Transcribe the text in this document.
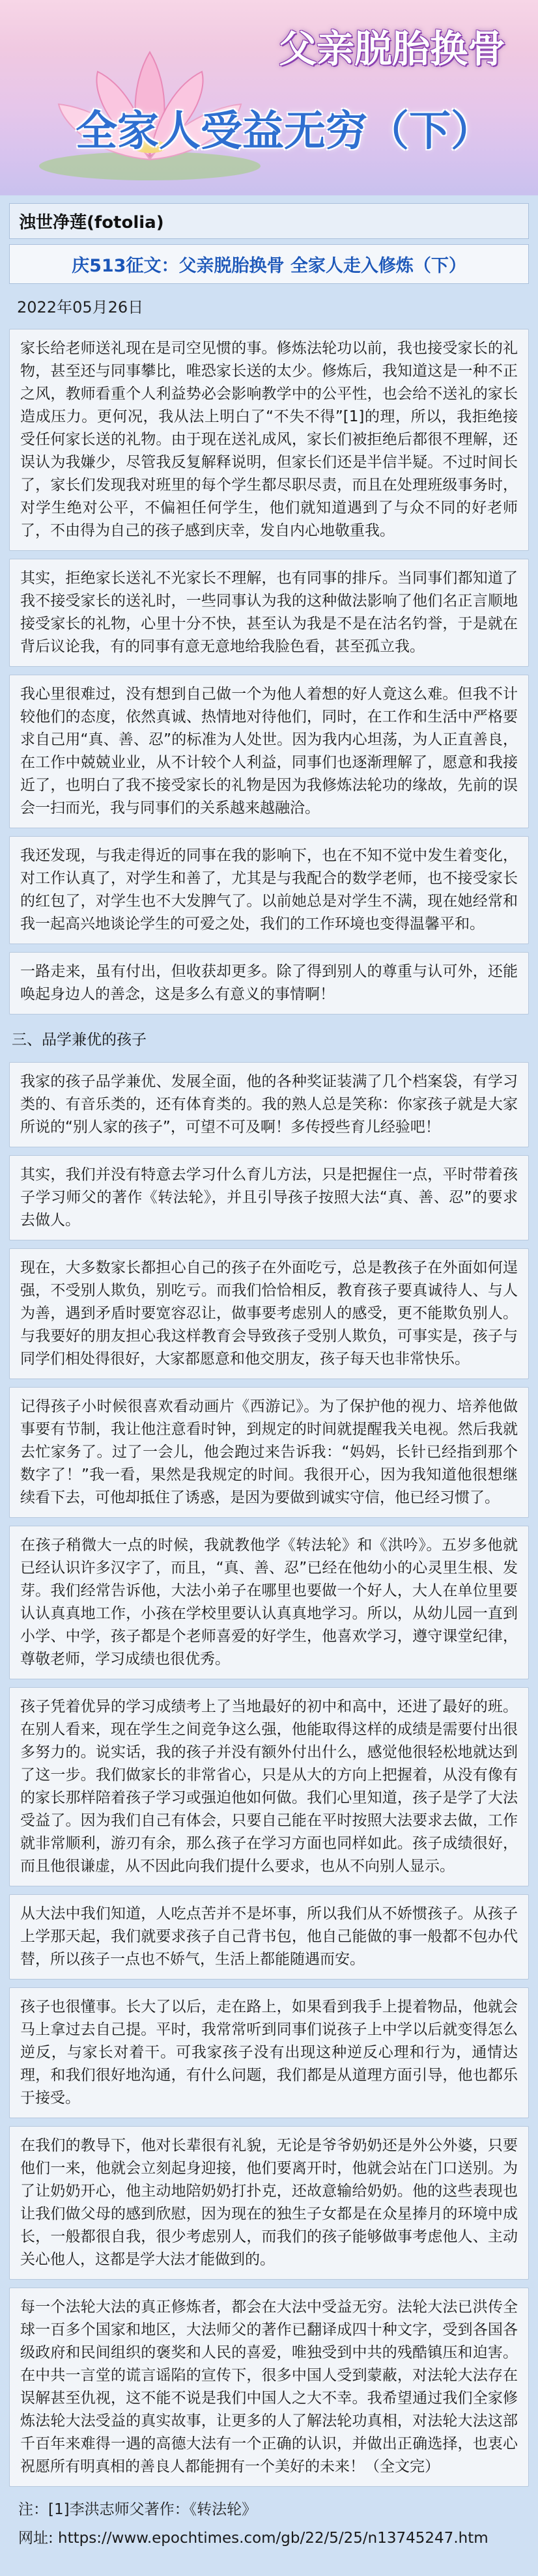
父亲脱胎换骨
全家人受益无穷（下）
浊世净莲(fotolia)
庆513征文：父亲脱胎换骨 全家人走入修炼（下）
2022年05月26日
家长给老师送礼现在是司空见惯的事。修炼法轮功以前，我也接受家长的礼物，甚至还与同事攀比，唯恐家长送的太少。修炼后，我知道这是一种不正之风，教师看重个人利益势必会影响教学中的公平性，也会给不送礼的家长造成压力。更何况，我从法上明白了“不失不得”[1]的理，所以，我拒绝接受任何家长送的礼物。由于现在送礼成风，家长们被拒绝后都很不理解，还误认为我嫌少，尽管我反复解释说明，但家长们还是半信半疑。不过时间长了，家长们发现我对班里的每个学生都尽职尽责，而且在处理班级事务时，对学生绝对公平，不偏袒任何学生，他们就知道遇到了与众不同的好老师了，不由得为自己的孩子感到庆幸，发自内心地敬重我。
其实，拒绝家长送礼不光家长不理解，也有同事的排斥。当同事们都知道了我不接受家长的送礼时，一些同事认为我的这种做法影响了他们名正言顺地接受家长的礼物，心里十分不快，甚至认为我是不是在沽名钓誉，于是就在背后议论我，有的同事有意无意地给我脸色看，甚至孤立我。
我心里很难过，没有想到自己做一个为他人着想的好人竟这么难。但我不计较他们的态度，依然真诚、热情地对待他们，同时，在工作和生活中严格要求自己用“真、善、忍”的标准为人处世。因为我内心坦荡，为人正直善良，在工作中兢兢业业，从不计较个人利益，同事们也逐渐理解了，愿意和我接近了，也明白了我不接受家长的礼物是因为我修炼法轮功的缘故，先前的误会一扫而光，我与同事们的关系越来越融洽。
我还发现，与我走得近的同事在我的影响下，也在不知不觉中发生着变化，对工作认真了，对学生和善了，尤其是与我配合的数学老师，也不接受家长的红包了，对学生也不大发脾气了。以前她总是对学生不满，现在她经常和我一起高兴地谈论学生的可爱之处，我们的工作环境也变得温馨平和。
一路走来，虽有付出，但收获却更多。除了得到别人的尊重与认可外，还能唤起身边人的善念，这是多么有意义的事情啊！
三、品学兼优的孩子
我家的孩子品学兼优、发展全面，他的各种奖证装满了几个档案袋，有学习类的、有音乐类的，还有体育类的。我的熟人总是笑称：你家孩子就是大家所说的“别人家的孩子”，可望不可及啊！多传授些育儿经验吧！
其实，我们并没有特意去学习什么育儿方法，只是把握住一点，平时带着孩子学习师父的著作《转法轮》，并且引导孩子按照大法“真、善、忍”的要求去做人。
现在，大多数家长都担心自己的孩子在外面吃亏，总是教孩子在外面如何逞强，不受别人欺负，别吃亏。而我们恰恰相反，教育孩子要真诚待人、与人为善，遇到矛盾时要宽容忍让，做事要考虑别人的感受，更不能欺负别人。与我要好的朋友担心我这样教育会导致孩子受别人欺负，可事实是，孩子与同学们相处得很好，大家都愿意和他交朋友，孩子每天也非常快乐。
记得孩子小时候很喜欢看动画片《西游记》。为了保护他的视力、培养他做事要有节制，我让他注意看时钟，到规定的时间就提醒我关电视。然后我就去忙家务了。过了一会儿，他会跑过来告诉我：“妈妈，长针已经指到那个数字了！”我一看，果然是我规定的时间。我很开心，因为我知道他很想继续看下去，可他却抵住了诱惑，是因为要做到诚实守信，他已经习惯了。
在孩子稍微大一点的时候，我就教他学《转法轮》和《洪吟》。五岁多他就已经认识许多汉字了，而且，“真、善、忍”已经在他幼小的心灵里生根、发芽。我们经常告诉他，大法小弟子在哪里也要做一个好人，大人在单位里要认认真真地工作，小孩在学校里要认认真真地学习。所以，从幼儿园一直到小学、中学，孩子都是个老师喜爱的好学生，他喜欢学习，遵守课堂纪律，尊敬老师，学习成绩也很优秀。
孩子凭着优异的学习成绩考上了当地最好的初中和高中，还进了最好的班。在别人看来，现在学生之间竞争这么强，他能取得这样的成绩是需要付出很多努力的。说实话，我的孩子并没有额外付出什么，感觉他很轻松地就达到了这一步。我们做家长的非常省心，只是从大的方向上把握着，从没有像有的家长那样陪着孩子学习或强迫他如何做。我们心里知道，孩子是学了大法受益了。因为我们自己有体会，只要自己能在平时按照大法要求去做，工作就非常顺利，游刃有余，那么孩子在学习方面也同样如此。孩子成绩很好，而且他很谦虚，从不因此向我们提什么要求，也从不向别人显示。
从大法中我们知道，人吃点苦并不是坏事，所以我们从不娇惯孩子。从孩子上学那天起，我们就要求孩子自己背书包，他自己能做的事一般都不包办代替，所以孩子一点也不娇气，生活上都能随遇而安。
孩子也很懂事。长大了以后，走在路上，如果看到我手上提着物品，他就会马上拿过去自己提。平时，我常常听到同事们说孩子上中学以后就变得怎么逆反，与家长对着干。可我家孩子没有出现这种逆反心理和行为，通情达理，和我们很好地沟通，有什么问题，我们都是从道理方面引导，他也都乐于接受。
在我们的教导下，他对长辈很有礼貌，无论是爷爷奶奶还是外公外婆，只要他们一来，他就会立刻起身迎接，他们要离开时，他就会站在门口送别。为了让奶奶开心，他主动地陪奶奶打扑克，还故意输给奶奶。他的这些表现也让我们做父母的感到欣慰，因为现在的独生子女都是在众星捧月的环境中成长，一般都很自我，很少考虑别人，而我们的孩子能够做事考虑他人、主动关心他人，这都是学大法才能做到的。
每一个法轮大法的真正修炼者，都会在大法中受益无穷。法轮大法已洪传全球一百多个国家和地区，大法师父的著作已翻译成四十种文字，受到各国各级政府和民间组织的褒奖和人民的喜爱，唯独受到中共的残酷镇压和迫害。在中共一言堂的谎言谣陷的宣传下，很多中国人受到蒙蔽，对法轮大法存在误解甚至仇视，这不能不说是我们中国人之大不幸。我希望通过我们全家修炼法轮大法受益的真实故事，让更多的人了解法轮功真相，对法轮大法这部千百年来难得一遇的高德大法有一个正确的认识，并做出正确选择，也衷心祝愿所有明真相的善良人都能拥有一个美好的未来！（全文完）
注：[1]李洪志师父著作：《转法轮》
网址: https://www.epochtimes.com/gb/22/5/25/n13745247.htm
